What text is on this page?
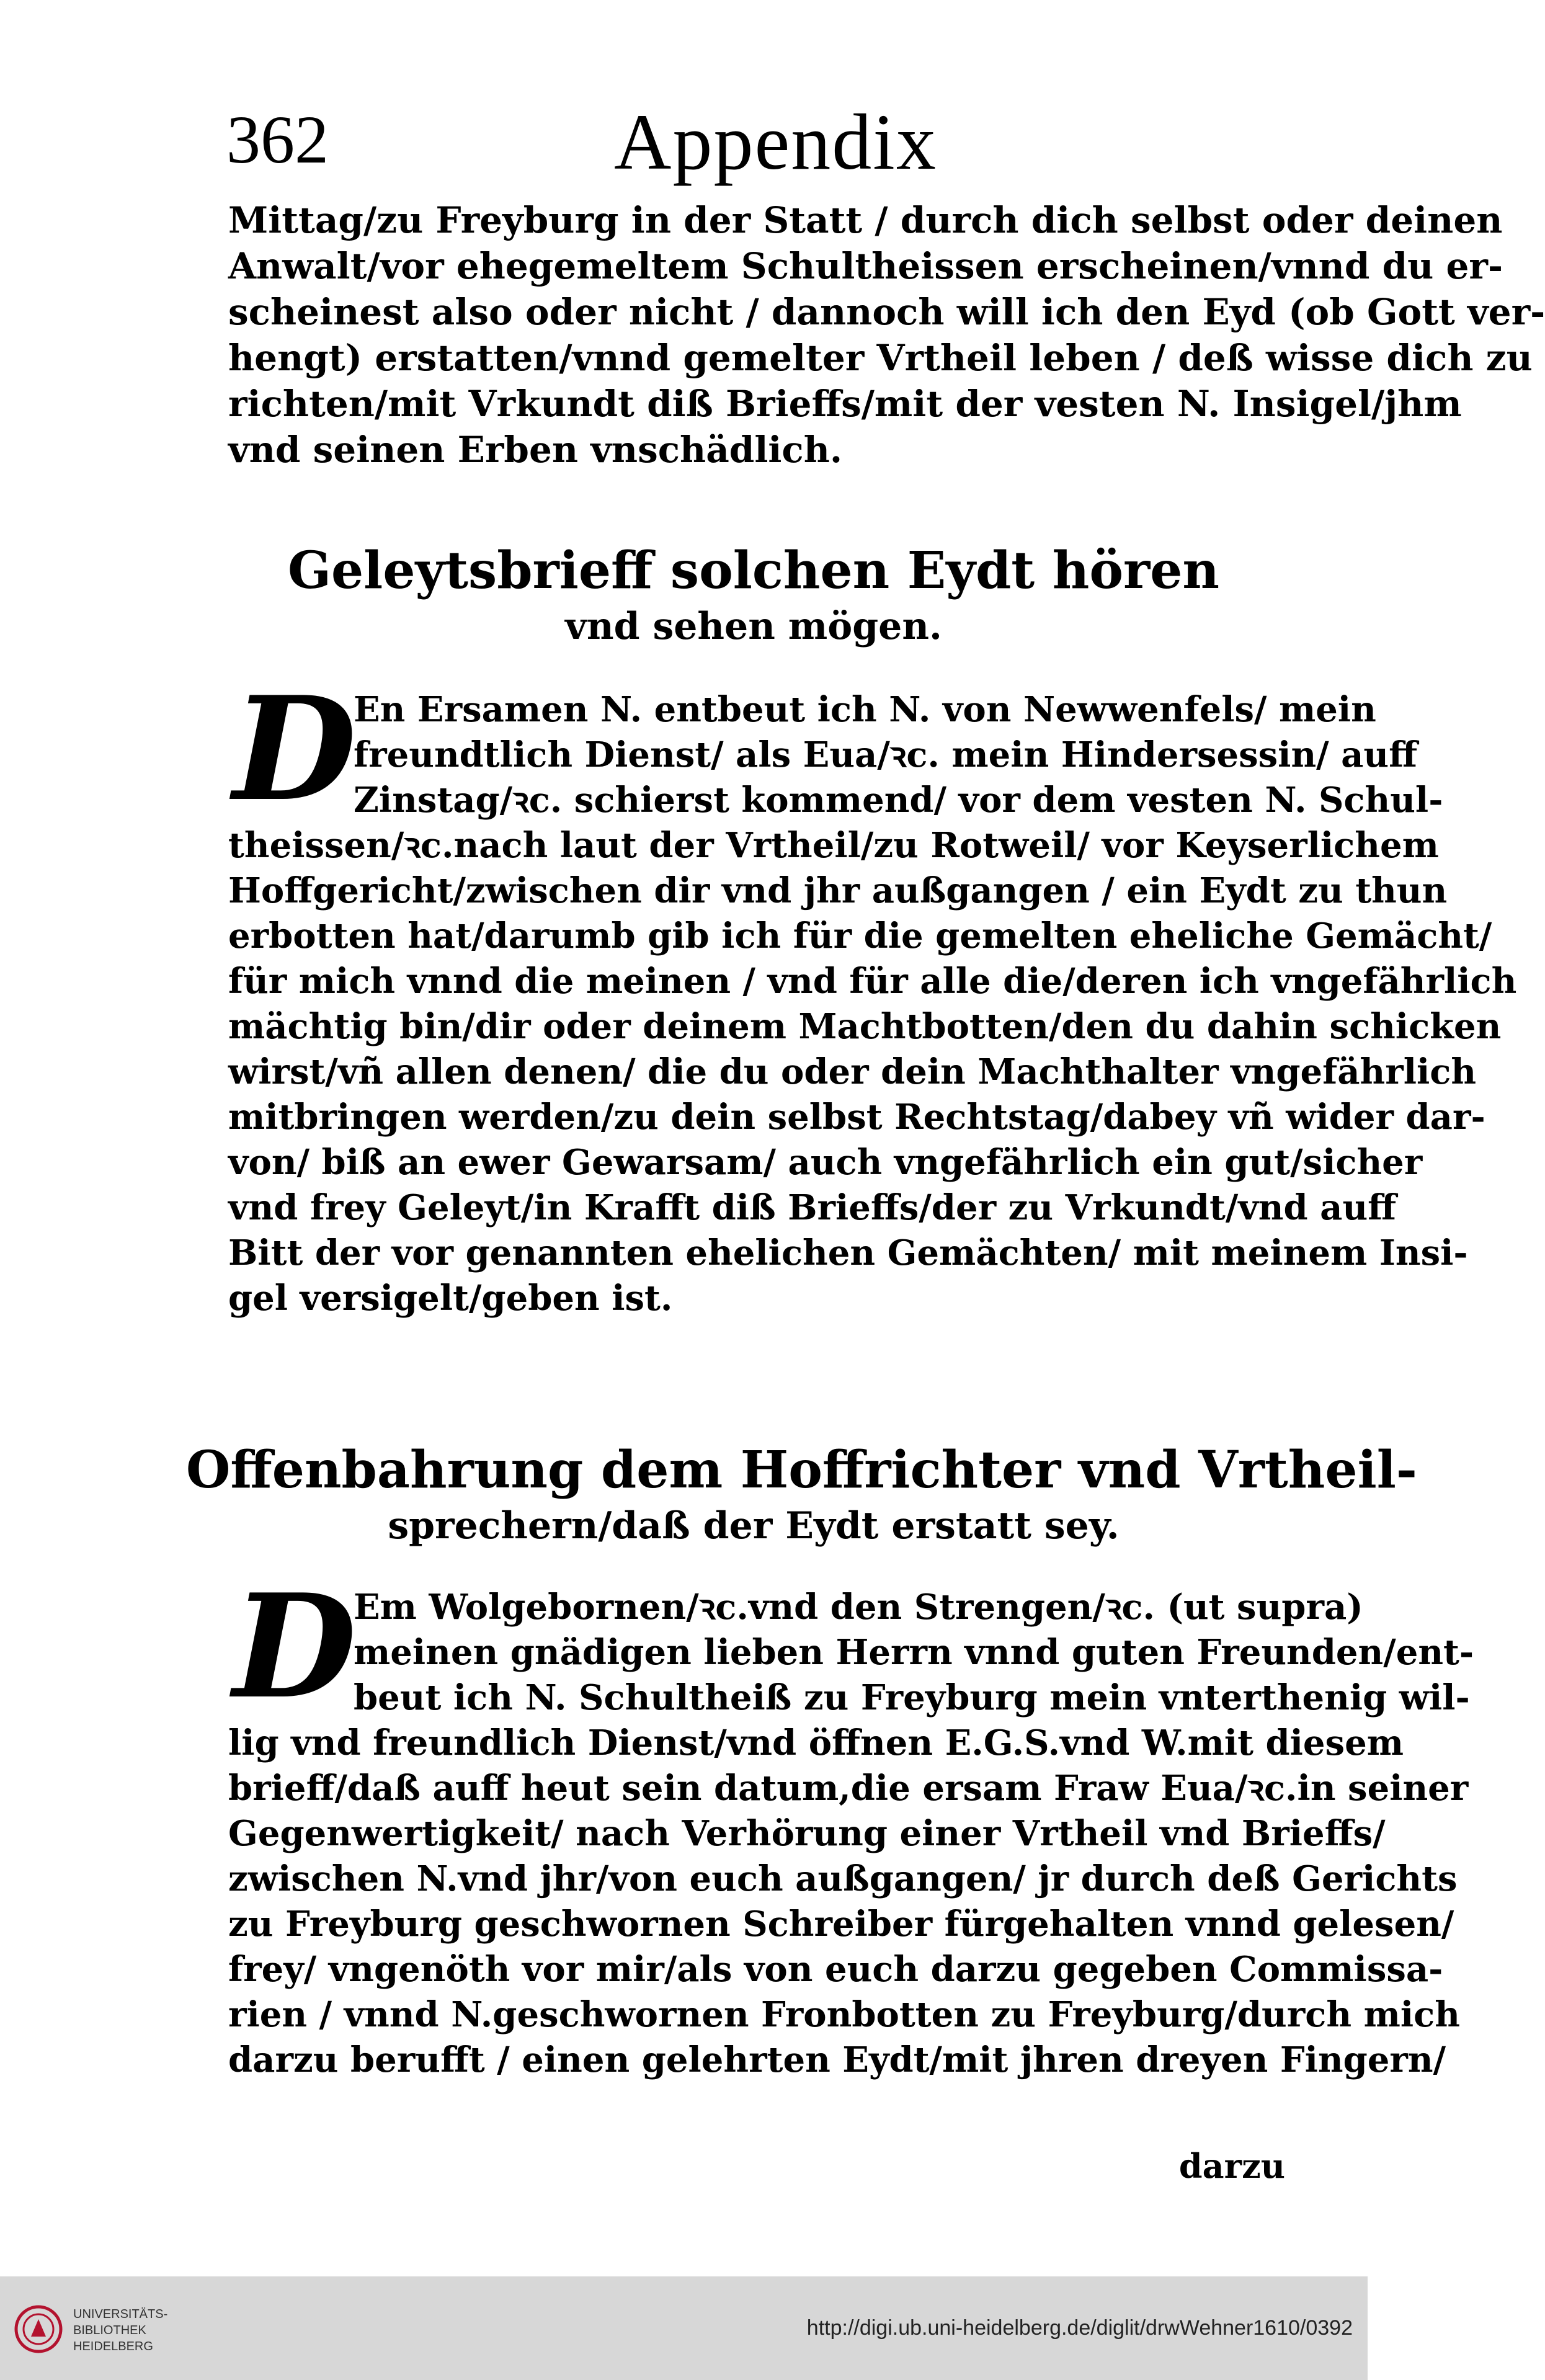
362	Appendix
Mittag/zu Freyburg in der Statt / durch dich selbst oder deinen
Anwalt/vor ehegemeltem Schultheissen erscheinen/vnnd du er-
scheinest also oder nicht / dannoch will ich den Eyd (ob Gott ver-
hengt) erstatten/vnnd gemelter Vrtheil leben / deß wisse dich zu
richten/mit Vrkundt diß Brieffs/mit der vesten N. Insigel/jhm
vnd seinen Erben vnschädlich.
Geleytsbrieff solchen Eydt hören
vnd sehen mögen.
D
En Ersamen N. entbeut ich N. von Newwenfels/ mein
freundtlich Dienst/ als Eua/ꝛc. mein Hindersessin/ auff
Zinstag/ꝛc. schierst kommend/ vor dem vesten N. Schul-
theissen/ꝛc.nach laut der Vrtheil/zu Rotweil/ vor Keyserlichem
Hoffgericht/zwischen dir vnd jhr außgangen / ein Eydt zu thun
erbotten hat/darumb gib ich für die gemelten eheliche Gemächt/
für mich vnnd die meinen / vnd für alle die/deren ich vngefährlich
mächtig bin/dir oder deinem Machtbotten/den du dahin schicken
wirst/vñ allen denen/ die du oder dein Machthalter vngefährlich
mitbringen werden/zu dein selbst Rechtstag/dabey vñ wider dar-
von/ biß an ewer Gewarsam/ auch vngefährlich ein gut/sicher
vnd frey Geleyt/in Krafft diß Brieffs/der zu Vrkundt/vnd auff
Bitt der vor genannten ehelichen Gemächten/ mit meinem Insi-
gel versigelt/geben ist.
Offenbahrung dem Hoffrichter vnd Vrtheil-
sprechern/daß der Eydt erstatt sey.
D
Em Wolgebornen/ꝛc.vnd den Strengen/ꝛc. (ut supra)
meinen gnädigen lieben Herrn vnnd guten Freunden/ent-
beut ich N. Schultheiß zu Freyburg mein vnterthenig wil-
lig vnd freundlich Dienst/vnd öffnen E.G.S.vnd W.mit diesem
brieff/daß auff heut sein datum,die ersam Fraw Eua/ꝛc.in seiner
Gegenwertigkeit/ nach Verhörung einer Vrtheil vnd Brieffs/
zwischen N.vnd jhr/von euch außgangen/ jr durch deß Gerichts
zu Freyburg geschwornen Schreiber fürgehalten vnnd gelesen/
frey/ vngenöth vor mir/als von euch darzu gegeben Commissa-
rien / vnnd N.geschwornen Fronbotten zu Freyburg/durch mich
darzu berufft / einen gelehrten Eydt/mit jhren dreyen Fingern/
darzu
UNIVERSITÄTS-
BIBLIOTHEK
HEIDELBERG
http://digi.ub.uni-heidelberg.de/diglit/drwWehner1610/0392
